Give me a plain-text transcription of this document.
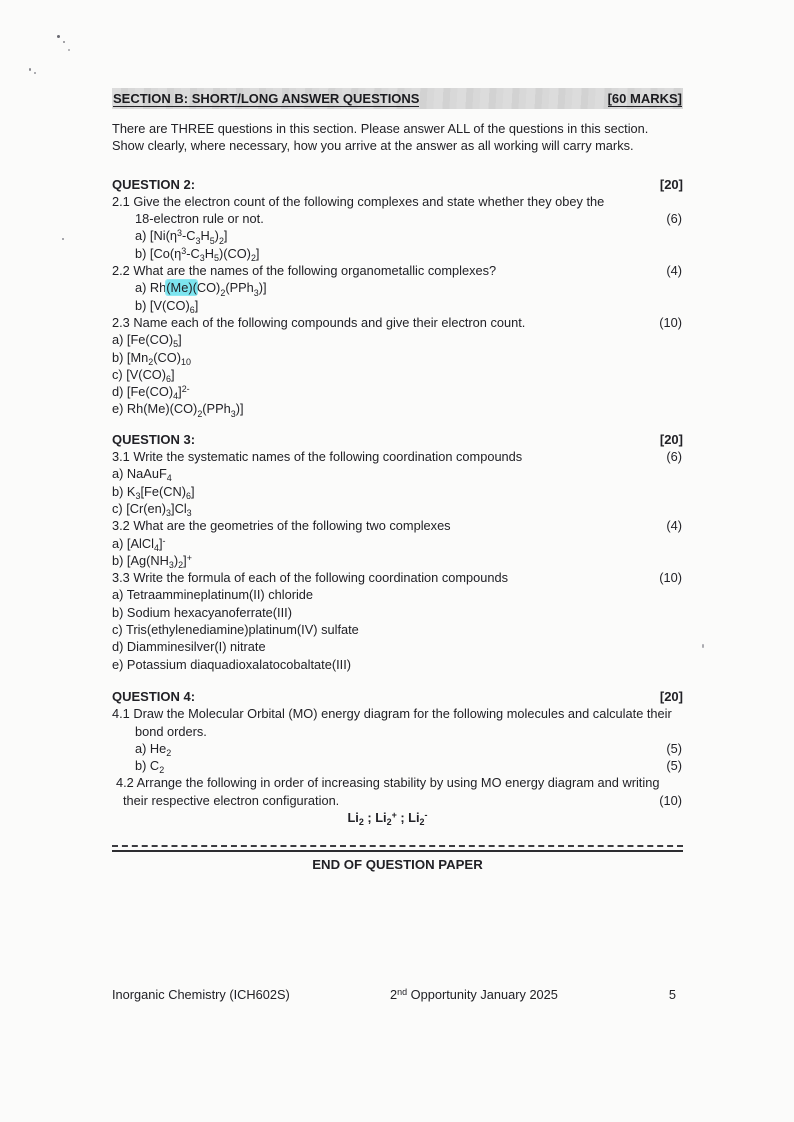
SECTION B: SHORT/LONG ANSWER QUESTIONS	[60 MARKS]
There are THREE questions in this section. Please answer ALL of the questions in this section.
Show clearly, where necessary, how you arrive at the answer as all working will carry marks.
QUESTION 2:	[20]
2.1 Give the electron count of the following complexes and state whether they obey the
18-electron rule or not.	(6)
a) $[Ni(\eta^3-C_3H_5)_2]$
b) $[Co(\eta^3-C_3H_5)(CO)_2]$
2.2 What are the names of the following organometallic complexes?	(4)
a) $Rh(Me)(CO)_2(PPh_3)$]
b) $[V(CO)_6]$
2.3 Name each of the following compounds and give their electron count.	(10)
a) $[Fe(CO)_5]$
b) [$Mn_2(CO)_{10}$
c) $[V(CO)_6]$
d) $[Fe(CO)_4]^{2-}$
e) $Rh(Me)(CO)_2(PPh_3)$]
QUESTION 3:	[20]
3.1 Write the systematic names of the following coordination compounds	(6)
a) NaAuF$_4$
b) $K_3[Fe(CN)_6]$
c) $[Cr(en)_3]Cl_3$
3.2 What are the geometries of the following two complexes	(4)
a) [AlCl$_4$]-
b) $[Ag(NH_3)_2]^+$
3.3 Write the formula of each of the following coordination compounds	(10)
a) Tetraammineplatinum(II) chloride
b) Sodium hexacyanoferrate(III)
c) Tris(ethylenediamine)platinum(IV) sulfate
d) Diamminesilver(I) nitrate
e) Potassium diaquadioxalatocobaltate(III)
QUESTION 4:	[20]
4.1 Draw the Molecular Orbital (MO) energy diagram for the following molecules and calculate their
bond orders.
a) $He_2$	(5)
b) $C_2$	(5)
4.2 Arrange the following in order of increasing stability by using MO energy diagram and writing
their respective electron configuration.	(10)
$Li_2$ ; $Li_2^+$ ; $Li_2^-$
END OF QUESTION PAPER
Inorganic Chemistry (ICH602S)	2nd Opportunity January 2025	5
